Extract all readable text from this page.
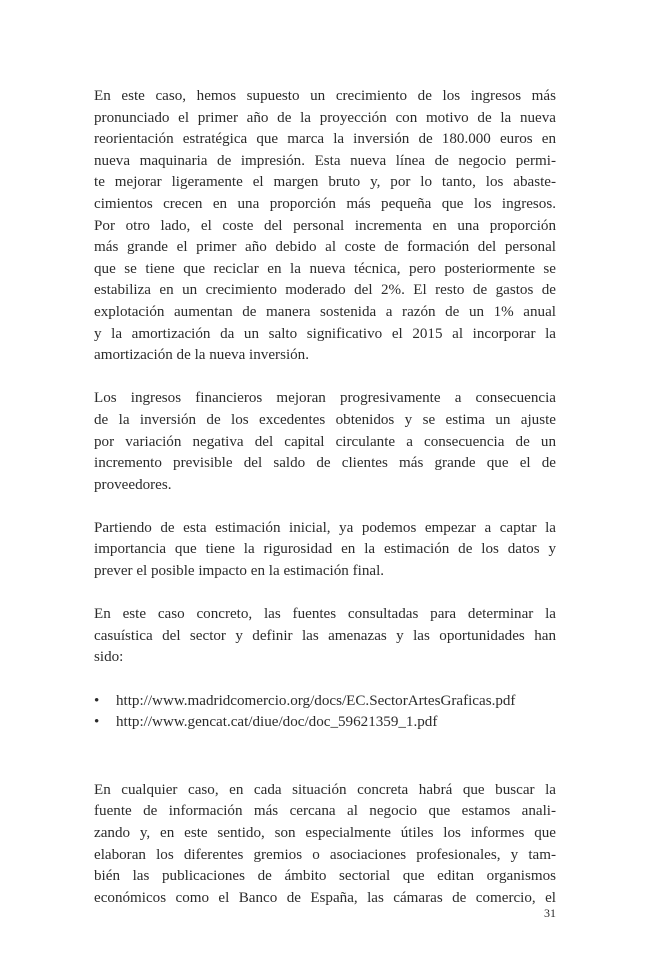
En este caso, hemos supuesto un crecimiento de los ingresos más
pronunciado el primer año de la proyección con motivo de la nueva
reorientación estratégica que marca la inversión de 180.000 euros en
nueva maquinaria de impresión. Esta nueva línea de negocio permi-
te mejorar ligeramente el margen bruto y, por lo tanto, los abaste-
cimientos crecen en una proporción más pequeña que los ingresos.
Por otro lado, el coste del personal incrementa en una proporción
más grande el primer año debido al coste de formación del personal
que se tiene que reciclar en la nueva técnica, pero posteriormente se
estabiliza en un crecimiento moderado del 2%. El resto de gastos de
explotación aumentan de manera sostenida a razón de un 1% anual
y la amortización da un salto significativo el 2015 al incorporar la
amortización de la nueva inversión.

Los ingresos financieros mejoran progresivamente a consecuencia
de la inversión de los excedentes obtenidos y se estima un ajuste
por variación negativa del capital circulante a consecuencia de un
incremento previsible del saldo de clientes más grande que el de
proveedores.

Partiendo de esta estimación inicial, ya podemos empezar a captar la
importancia que tiene la rigurosidad en la estimación de los datos y
prever el posible impacto en la estimación final.

En este caso concreto, las fuentes consultadas para determinar la
casuística del sector y definir las amenazas y las oportunidades han
sido:

• http://www.madridcomercio.org/docs/EC.SectorArtesGraficas.pdf
• http://www.gencat.cat/diue/doc/doc_59621359_1.pdf

En cualquier caso, en cada situación concreta habrá que buscar la
fuente de información más cercana al negocio que estamos anali-
zando y, en este sentido, son especialmente útiles los informes que
elaboran los diferentes gremios o asociaciones profesionales, y tam-
bién las publicaciones de ámbito sectorial que editan organismos
económicos como el Banco de España, las cámaras de comercio, el

31
